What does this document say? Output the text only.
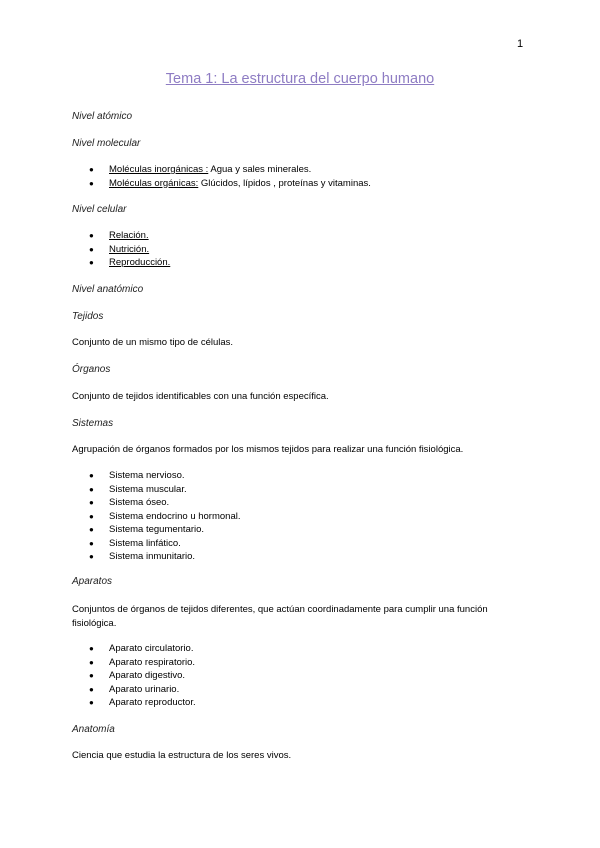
1
Tema 1: La estructura del cuerpo humano
Nivel atómico
Nivel molecular
● Moléculas inorgánicas : Agua y sales minerales.
● Moléculas orgánicas: Glúcidos, lípidos , proteínas y vitaminas.
Nivel celular
● Relación.
● Nutrición.
● Reproducción.
Nivel anatómico
Tejidos

Conjunto de un mismo tipo de células.

Órganos

Conjunto de tejidos identificables con una función específica.

Sistemas

Agrupación de órganos formados por los mismos tejidos para realizar una función fisiológica.

● Sistema nervioso.
● Sistema muscular.
● Sistema óseo.
● Sistema endocrino u hormonal.
● Sistema tegumentario.
● Sistema linfático.
● Sistema inmunitario.
Aparatos

Conjuntos de órganos de tejidos diferentes, que actúan coordinadamente para cumplir una función fisiológica.

● Aparato circulatorio.
● Aparato respiratorio.
● Aparato digestivo.
● Aparato urinario.
● Aparato reproductor.
Anatomía

Ciencia que estudia la estructura de los seres vivos.
